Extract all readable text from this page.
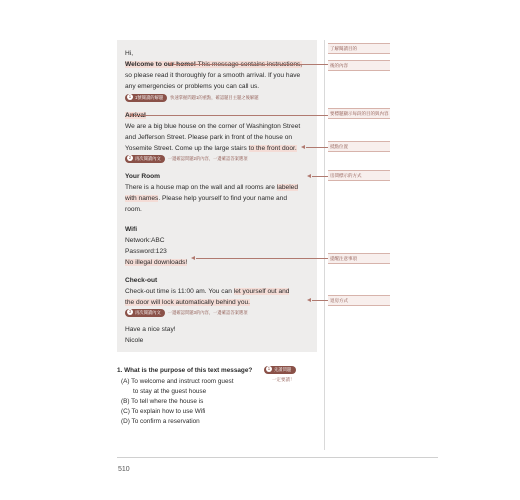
Hi,
Welcome to our home! This message contains instructions,
so please read it thoroughly for a smooth arrival. If you have
any emergencies or problems you can call us.
1 1號閱讀的解題 快速掌握問題1的重點，確認題目主題之後解題
Arrival
We are a big blue house on the corner of Washington Street
and Jefferson Street. Please park in front of the house on
Yosemite Street. Come up the large stairs to the front door.
2 再次閱讀內文 一邊確認問題2的內容，一邊確認答案選項
Your Room
There is a house map on the wall and all rooms are labeled
with names. Please help yourself to find your name and
room.
Wifi
Network:ABC
Password:123
No illegal downloads!
Check-out
Check-out time is 11:00 am. You can let yourself out and
the door will lock automatically behind you.
3 再次閱讀內文 一邊確認問題3的內容，一邊確認答案選項
Have a nice stay!
Nicole
了解閱讀目的
後的內容
要標題顯示每段的目的與內容
抵點位置
房間標示的方式
提醒注意事項
退房方式
1. What is the purpose of this text message?
(A) To welcome and instruct room guest
to stay at the guest house
(B) To tell where the house is
(C) To explain how to use Wifi
(D) To confirm a reservation
1 先讀問題
一定要讀！
510
